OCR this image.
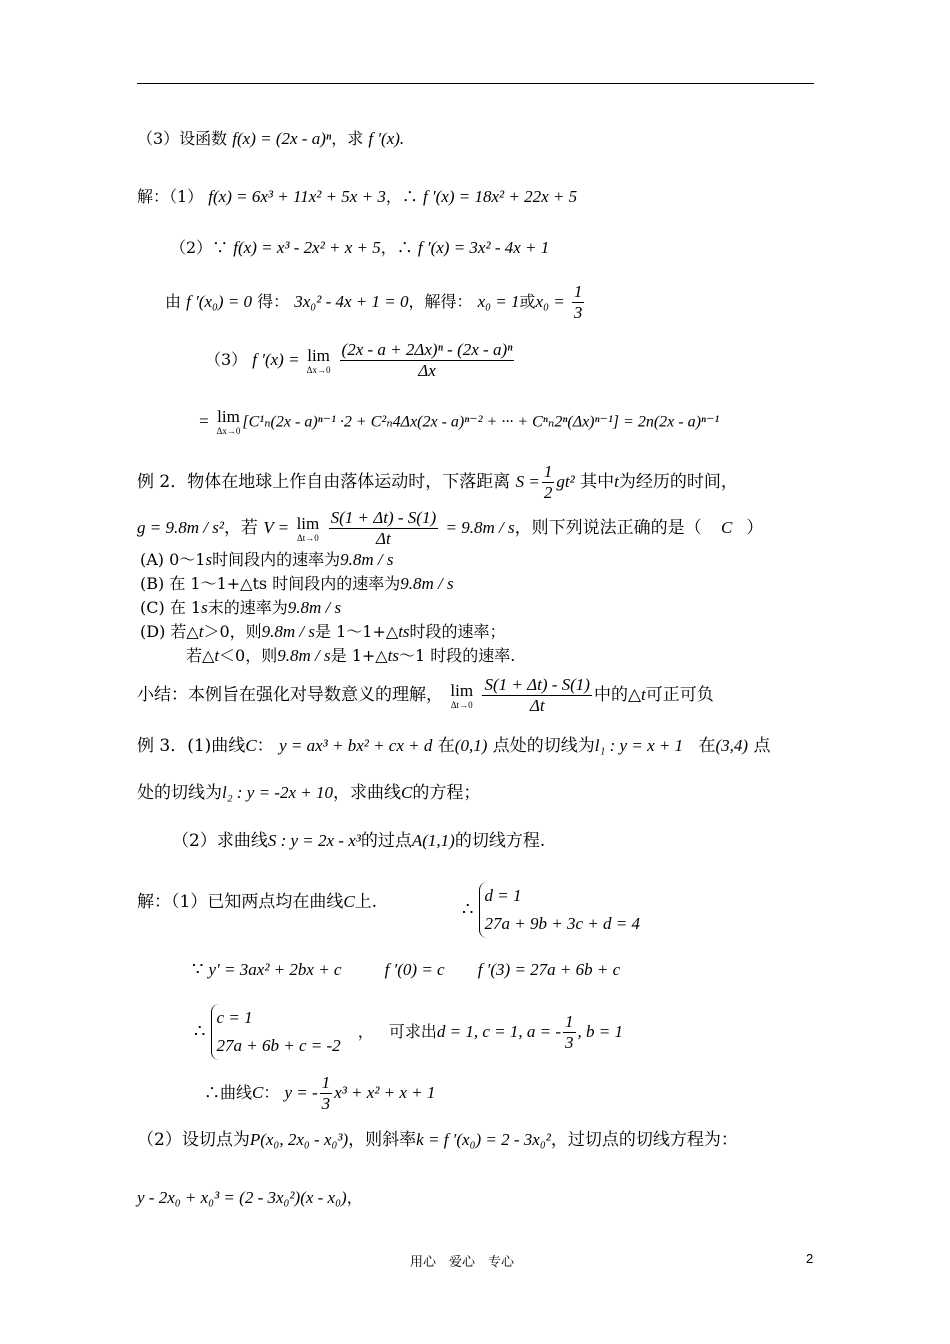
（3）设函数 f(x) = (2x - a)ⁿ，求 f ′(x).
解：（1） f(x) = 6x³ + 11x² + 5x + 3，∴ f ′(x) = 18x² + 22x + 5
（2）∵ f(x) = x³ - 2x² + x + 5，∴ f ′(x) = 3x² - 4x + 1
由 f ′(x₀) = 0 得： 3x₀² - 4x + 1 = 0，解得： x₀ = 1或$x_0 = \frac{1}{3}$
（3） f ′(x) = lim
Δx→0
$\frac{\text{(2x - a + 2Δx)ⁿ - (2x - a)ⁿ}}{\Delta x}$
= lim
Δx→0
[C¹ₙ(2x - a)ⁿ⁻¹ ·2 + C²ₙ4Δx(2x - a)ⁿ⁻² + ··· + Cⁿₙ2ⁿ(Δx)ⁿ⁻¹] = 2n(2x - a)ⁿ⁻¹
例 2．物体在地球上作自由落体运动时，下落距离 $S = \frac{1}{2} gt^2$ 其中t为经历的时间，
g = 9.8m / s²，若 V = lim
Δt→0
$\frac{S(1 + \Delta t) - S(1)}{\Delta t} = 9.8m / s$，则下列说法正确的是（ C ）
(A) 0～1s时间段内的速率为9.8m / s
(B) 在 1～1+△ts 时间段内的速率为9.8m / s
(C) 在 1s末的速率为9.8m / s
(D) 若△t＞0，则9.8m / s是 1～1+△ts时段的速率；
若△t＜0，则9.8m / s是 1+△ts～1 时段的速率.
小结：本例旨在强化对导数意义的理解， lim
Δt→0
$\frac{S(1 + \Delta t) - S(1)}{\Delta t}$ 中的△t可正可负
例 3．(1)曲线C： y = ax³ + bx² + cx + d 在(0,1) 点处的切线为l₁ : y = x + 1 在(3,4) 点
处的切线为l₂ : y = -2x + 10，求曲线C的方程；
（2）求曲线S : y = 2x - x³的过点A(1,1)的切线方程.
解：（1）已知两点均在曲线C上.	∴
d = 1
27a + 9b + 3c + d = 4
∵ y′ = 3ax² + 2bx + c	f ′(0) = c f ′(3) = 27a + 6b + c
∴
c = 1
27a + 6b + c = -2
， 可求出d = 1, c = 1, a = - $\frac{1}{3}$ , b = 1
∴曲线C： y = - $\frac{1}{3} x^3 + x^2 + x + 1$
（2）设切点为P(x₀, 2x₀ - x₀³)，则斜率k = f ′(x₀) = 2 - 3x₀²，过切点的切线方程为：
y - 2x₀ + x₀³ = (2 - 3x₀²)(x - x₀)，
用心　爱心　专心	2
